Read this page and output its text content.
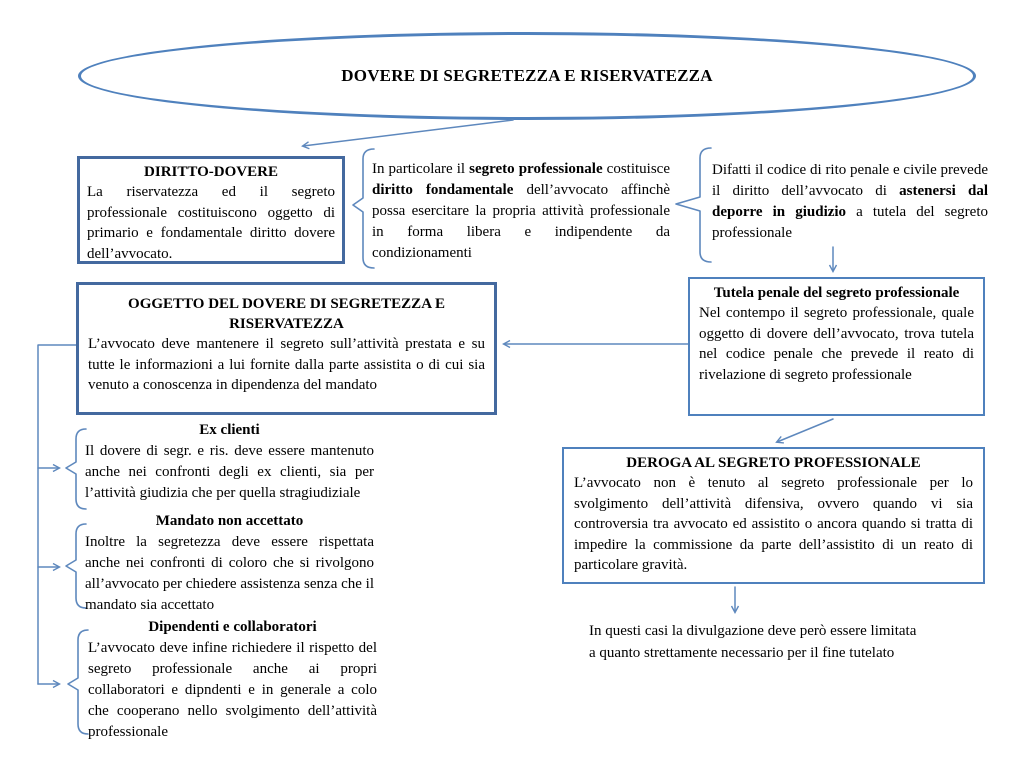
DOVERE DI SEGRETEZZA E RISERVATEZZA
DIRITTO-DOVERE

La riservatezza ed il segreto professionale costituiscono oggetto di primario e fondamentale diritto dovere dell’avvocato.

OGGETTO DEL DOVERE DI SEGRETEZZA E RISERVATEZZA

L’avvocato deve mantenere il segreto sull’attività prestata e su tutte le informazioni a lui fornite dalla parte assistita o di cui sia venuto a conoscenza in dipendenza del mandato

Tutela penale del segreto professionale

Nel contempo il segreto professionale, quale oggetto di dovere dell’avvocato, trova tutela nel codice penale che prevede il reato di rivelazione di segreto professionale

DEROGA AL SEGRETO PROFESSIONALE

L’avvocato non è tenuto al segreto professionale per lo svolgimento dell’attività difensiva, ovvero quando vi sia controversia tra avvocato ed assistito o ancora quando si tratta di impedire la commissione da parte dell’assistito di un reato di particolare gravità.

In particolare il segreto professionale costituisce diritto fondamentale dell’avvocato affinchè possa esercitare la propria attività professionale in forma libera e indipendente da condizionamenti
Difatti il codice di rito penale e civile prevede il diritto dell’avvocato di astenersi dal deporre in giudizio a tutela del segreto professionale
In questi casi la divulgazione deve però essere limitata a quanto strettamente necessario per il fine tutelato
Ex clienti

Il dovere di segr. e ris. deve essere mantenuto anche nei confronti degli ex clienti, sia per l’attività giudizia che per quella stragiudiziale

Mandato non accettato

Inoltre la segretezza deve essere rispettata anche nei confronti di coloro che si rivolgono all’avvocato per chiedere assistenza senza che il mandato sia accettato

Dipendenti e collaboratori

L’avvocato deve infine richiedere il rispetto del segreto professionale anche ai propri collaboratori e dipndenti e in generale a colo che cooperano nello svolgimento dell’attività professionale
